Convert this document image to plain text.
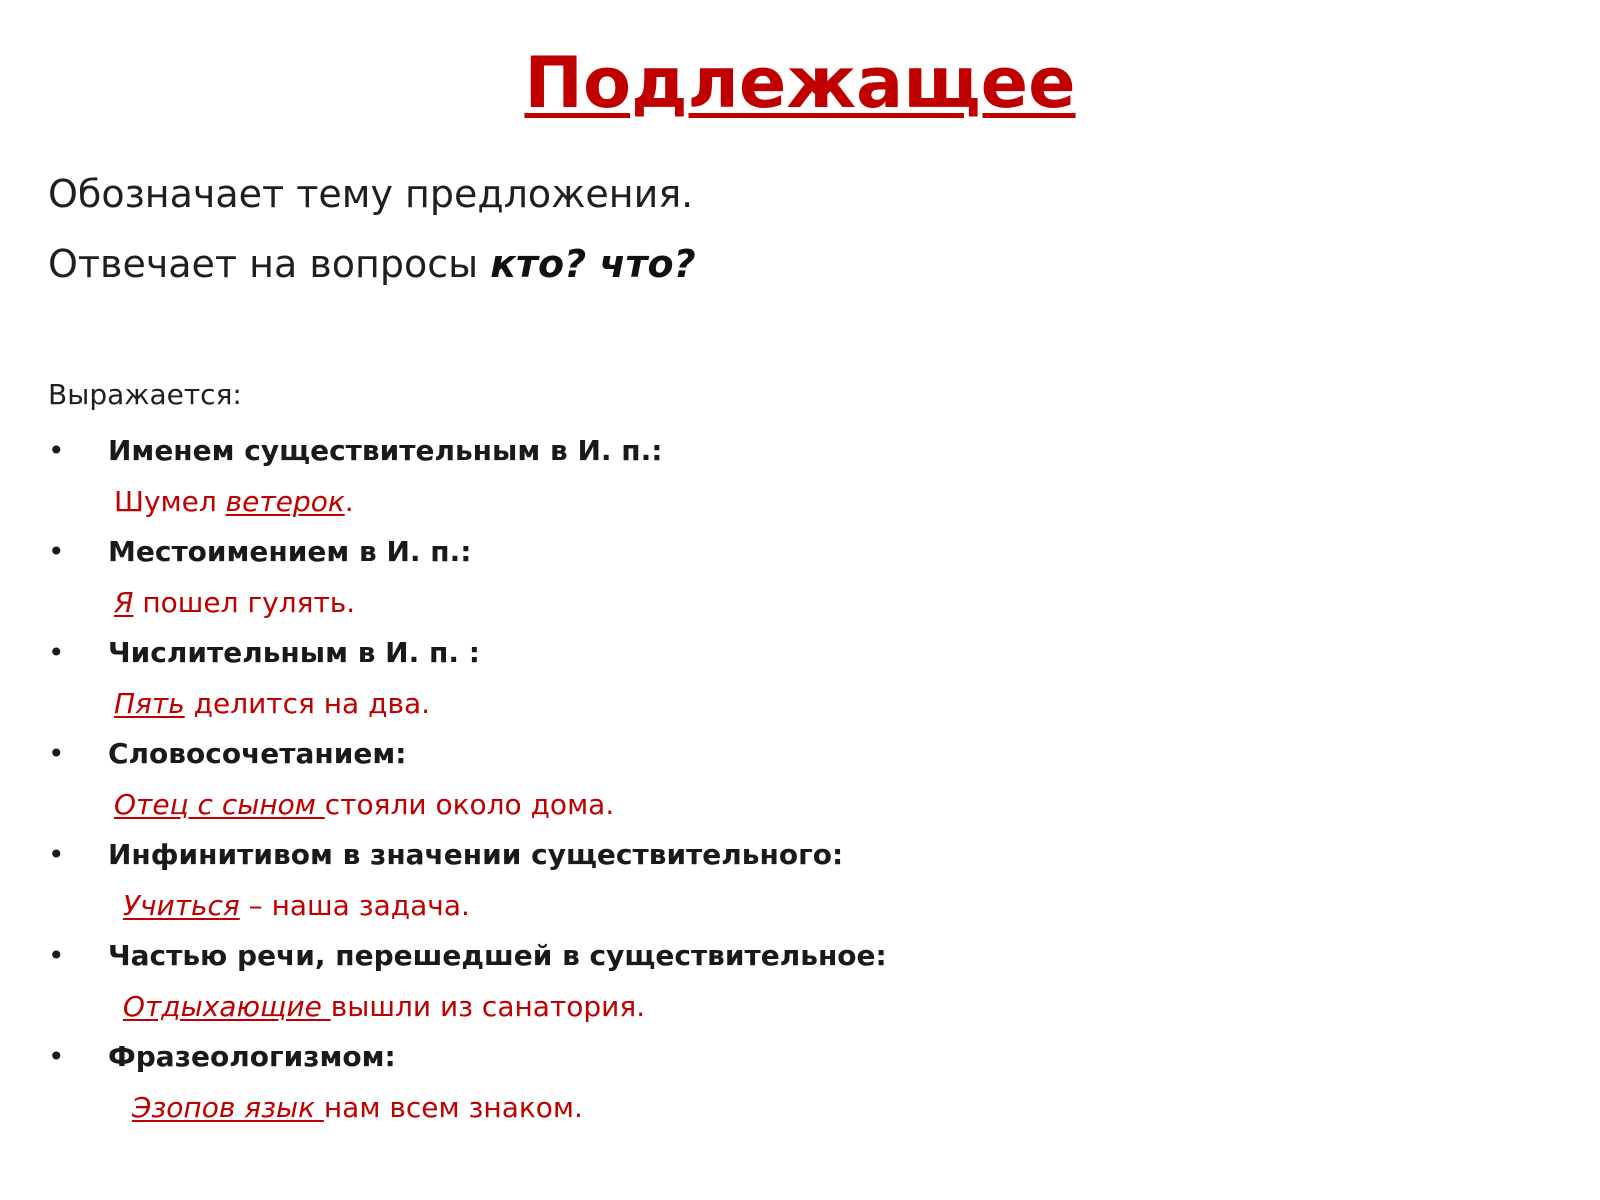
Подлежащее
Обозначает тему предложения.
Отвечает на вопросы кто? что?
Выражается:
• Именем существительным в И. п.:
Шумел ветерок.
• Местоимением в И. п.:
Я пошел гулять.
• Числительным в И. п. :
Пять делится на два.
• Словосочетанием:
Отец с сыном стояли около дома.
• Инфинитивом в значении существительного:
Учиться – наша задача.
• Частью речи, перешедшей в существительное:
Отдыхающие вышли из санатория.
• Фразеологизмом:
Эзопов язык нам всем знаком.
